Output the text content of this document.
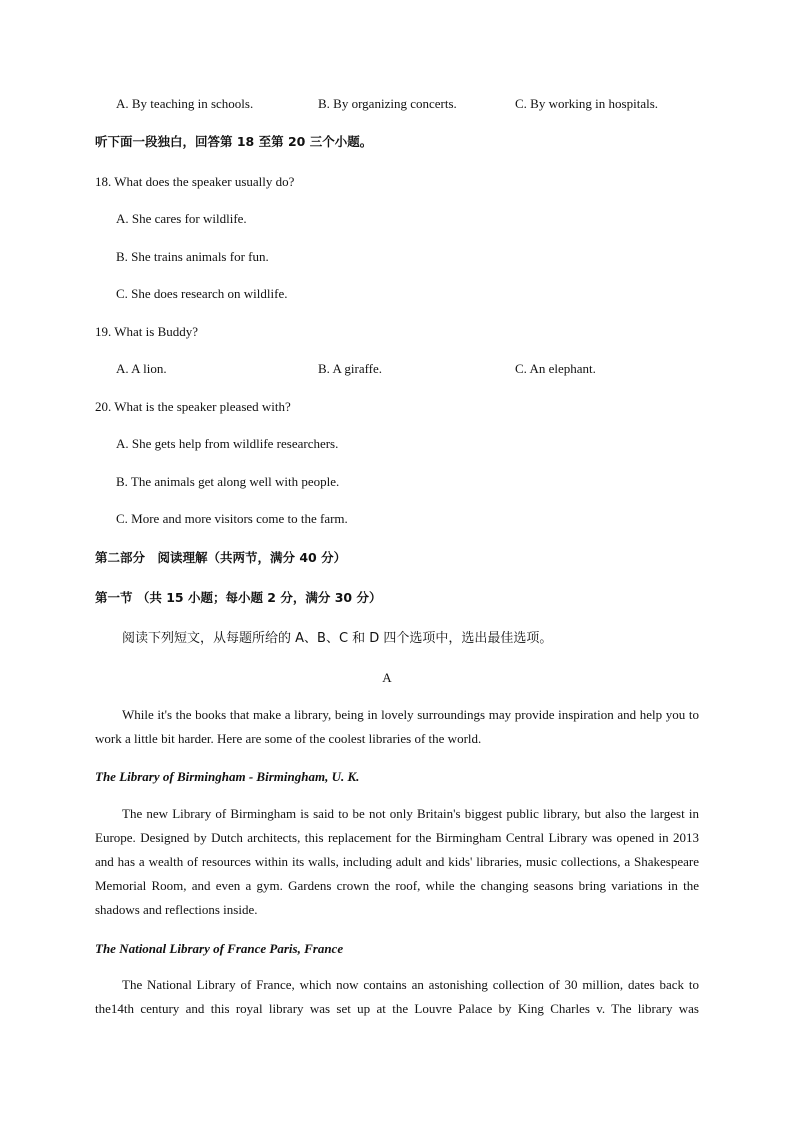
A. By teaching in schools.	B. By organizing concerts.	C. By working in hospitals.
听下面一段独白，回答第 18 至第 20 三个小题。
18. What does the speaker usually do?
A. She cares for wildlife.
B. She trains animals for fun.
C. She does research on wildlife.
19. What is Buddy?
A. A lion.	B. A giraffe.	C. An elephant.
20. What is the speaker pleased with?
A. She gets help from wildlife researchers.
B. The animals get along well with people.
C. More and more visitors come to the farm.
第二部分　阅读理解（共两节，满分 40 分）
第一节 （共 15 小题；每小题 2 分，满分 30 分）
阅读下列短文，从每题所给的 A、B、C 和 D 四个选项中，选出最佳选项。
A

While it's the books that make a library, being in lovely surroundings may provide inspiration and help you to work a little bit harder. Here are some of the coolest libraries of the world.

The Library of Birmingham - Birmingham, U. K.

The new Library of Birmingham is said to be not only Britain's biggest public library, but also the largest in Europe. Designed by Dutch architects, this replacement for the Birmingham Central Library was opened in 2013 and has a wealth of resources within its walls, including adult and kids' libraries, music collections, a Shakespeare Memorial Room, and even a gym. Gardens crown the roof, while the changing seasons bring variations in the shadows and reflections inside.

The National Library of France Paris, France

The National Library of France, which now contains an astonishing collection of 30 million, dates back to the14th century and this royal library was set up at the Louvre Palace by King Charles v. The library was
